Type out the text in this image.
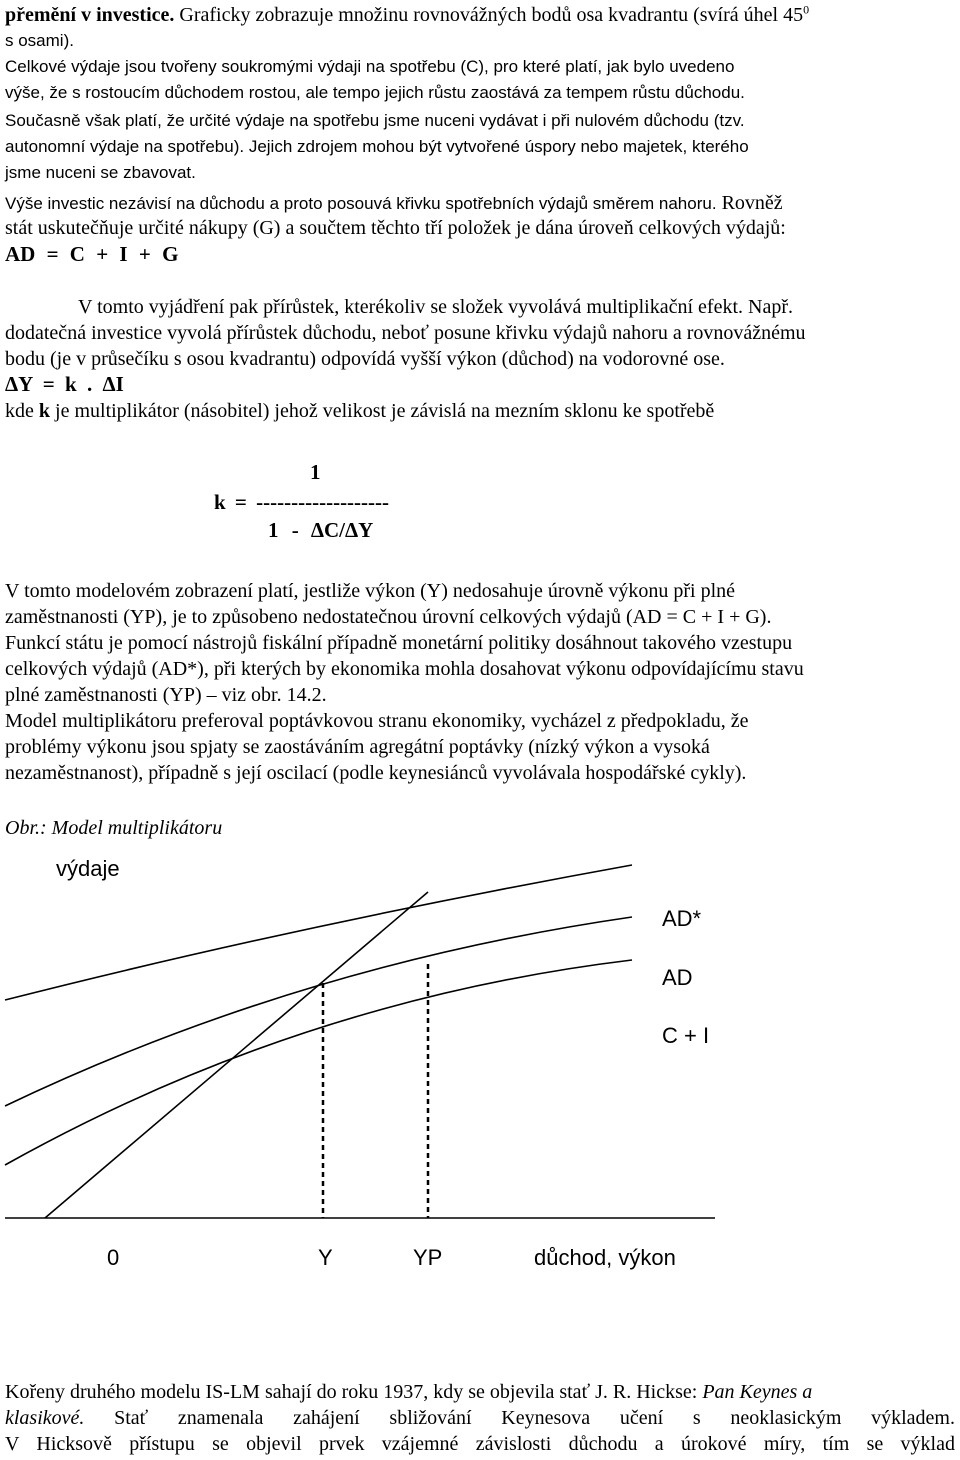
přemění v investice. Graficky zobrazuje množinu rovnovážných bodů osa kvadrantu (svírá úhel $45^0$
s osami).
Celkové výdaje jsou tvořeny soukromými výdaji na spotřebu (C), pro které platí, jak bylo uvedeno
výše, že s rostoucím důchodem rostou, ale tempo jejich růstu zaostává za tempem růstu důchodu.
Současně však platí, že určité výdaje na spotřebu jsme nuceni vydávat i při nulovém důchodu (tzv.
autonomní výdaje na spotřebu). Jejich zdrojem mohou být vytvořené úspory nebo majetek, kterého
jsme nuceni se zbavovat.
Výše investic nezávisí na důchodu a proto posouvá křivku spotřebních výdajů směrem nahoru. Rovněž
stát uskutečňuje určité nákupy (G) a součtem těchto tří položek je dána úroveň celkových výdajů:
AD = C + I + G
V tomto vyjádření pak přírůstek, kterékoliv se složek vyvolává multiplikační efekt. Např.
dodatečná investice vyvolá přírůstek důchodu, neboť posune křivku výdajů nahoru a rovnovážnému
bodu (je v průsečíku s osou kvadrantu) odpovídá vyšší výkon (důchod) na vodorovné ose.
ΔY = k . ΔI
kde k je multiplikátor (násobitel) jehož velikost je závislá na mezním sklonu ke spotřebě
1
k = -------------------
1 - ΔC/ΔY
V tomto modelovém zobrazení platí, jestliže výkon (Y) nedosahuje úrovně výkonu při plné
zaměstnanosti (YP), je to způsobeno nedostatečnou úrovní celkových výdajů (AD = C + I + G).
Funkcí státu je pomocí nástrojů fiskální případně monetární politiky dosáhnout takového vzestupu
celkových výdajů (AD*), při kterých by ekonomika mohla dosahovat výkonu odpovídajícímu stavu
plné zaměstnanosti (YP) – viz obr. 14.2.
Model multiplikátoru preferoval poptávkovou stranu ekonomiky, vycházel z předpokladu, že
problémy výkonu jsou spjaty se zaostáváním agregátní poptávky (nízký výkon a vysoká
nezaměstnanost), případně s její oscilací (podle keynesiánců vyvolávala hospodářské cykly).
Obr.: Model multiplikátoru
výdaje
AD*
AD
C + I
0	Y	YP	důchod, výkon
Kořeny druhého modelu IS-LM sahají do roku 1937, kdy se objevila stať J. R. Hickse: Pan Keynes a
klasikové. Stať znamenala zahájení sbližování Keynesova učení s neoklasickým výkladem.
V Hicksově přístupu se objevil prvek vzájemné závislosti důchodu a úrokové míry, tím se výklad
